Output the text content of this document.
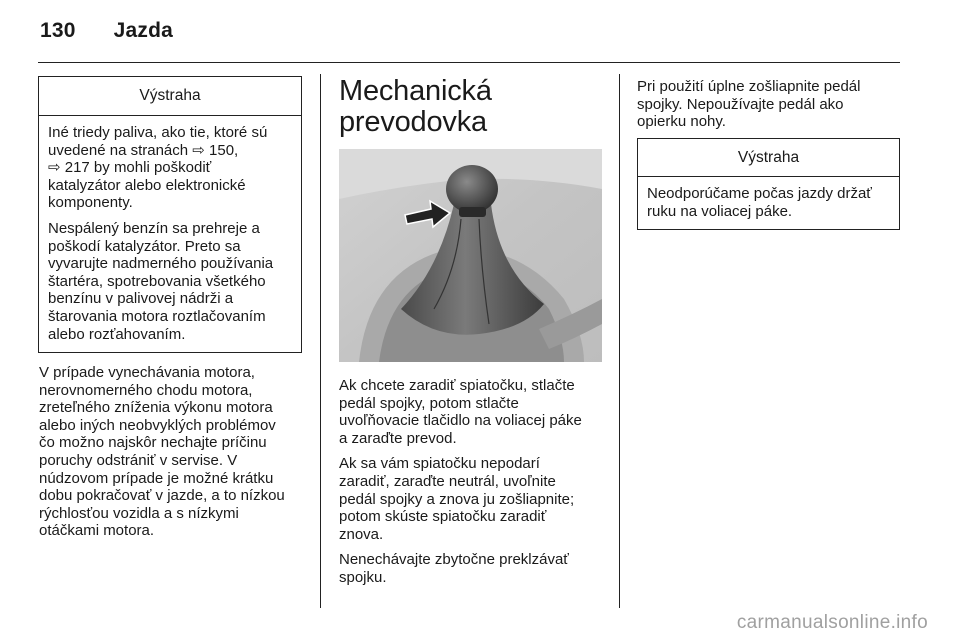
130 Jazda
Výstraha

Iné triedy paliva, ako tie, ktoré sú
uvedené na stranách ⇨ 150,
⇨ 217 by mohli poškodiť
katalyzátor alebo elektronické
komponenty.

Nespálený benzín sa prehreje a
poškodí katalyzátor. Preto sa
vyvarujte nadmerného používania
štartéra, spotrebovania všetkého
benzínu v palivovej nádrži a
štarovania motora roztlačovaním
alebo rozťahovaním.

V prípade vynechávania motora,
nerovnomerného chodu motora,
zreteľného zníženia výkonu motora
alebo iných neobvyklých problémov
čo možno najskôr nechajte príčinu
poruchy odstrániť v servise. V
núdzovom prípade je možné krátku
dobu pokračovať v jazde, a to nízkou
rýchlosťou vozidla a s nízkymi
otáčkami motora.

Mechanická
prevodovka

Ak chcete zaradiť spiatočku, stlačte
pedál spojky, potom stlačte
uvoľňovacie tlačidlo na voliacej páke
a zaraďte prevod.

Ak sa vám spiatočku nepodarí
zaradiť, zaraďte neutrál, uvoľnite
pedál spojky a znova ju zošliapnite;
potom skúste spiatočku zaradiť
znova.

Nenechávajte zbytočne preklzávať
spojku.

Pri použití úplne zošliapnite pedál
spojky. Nepoužívajte pedál ako
opierku nohy.

Výstraha

Neodporúčame počas jazdy držať
ruku na voliacej páke.

carmanualsonline.info
